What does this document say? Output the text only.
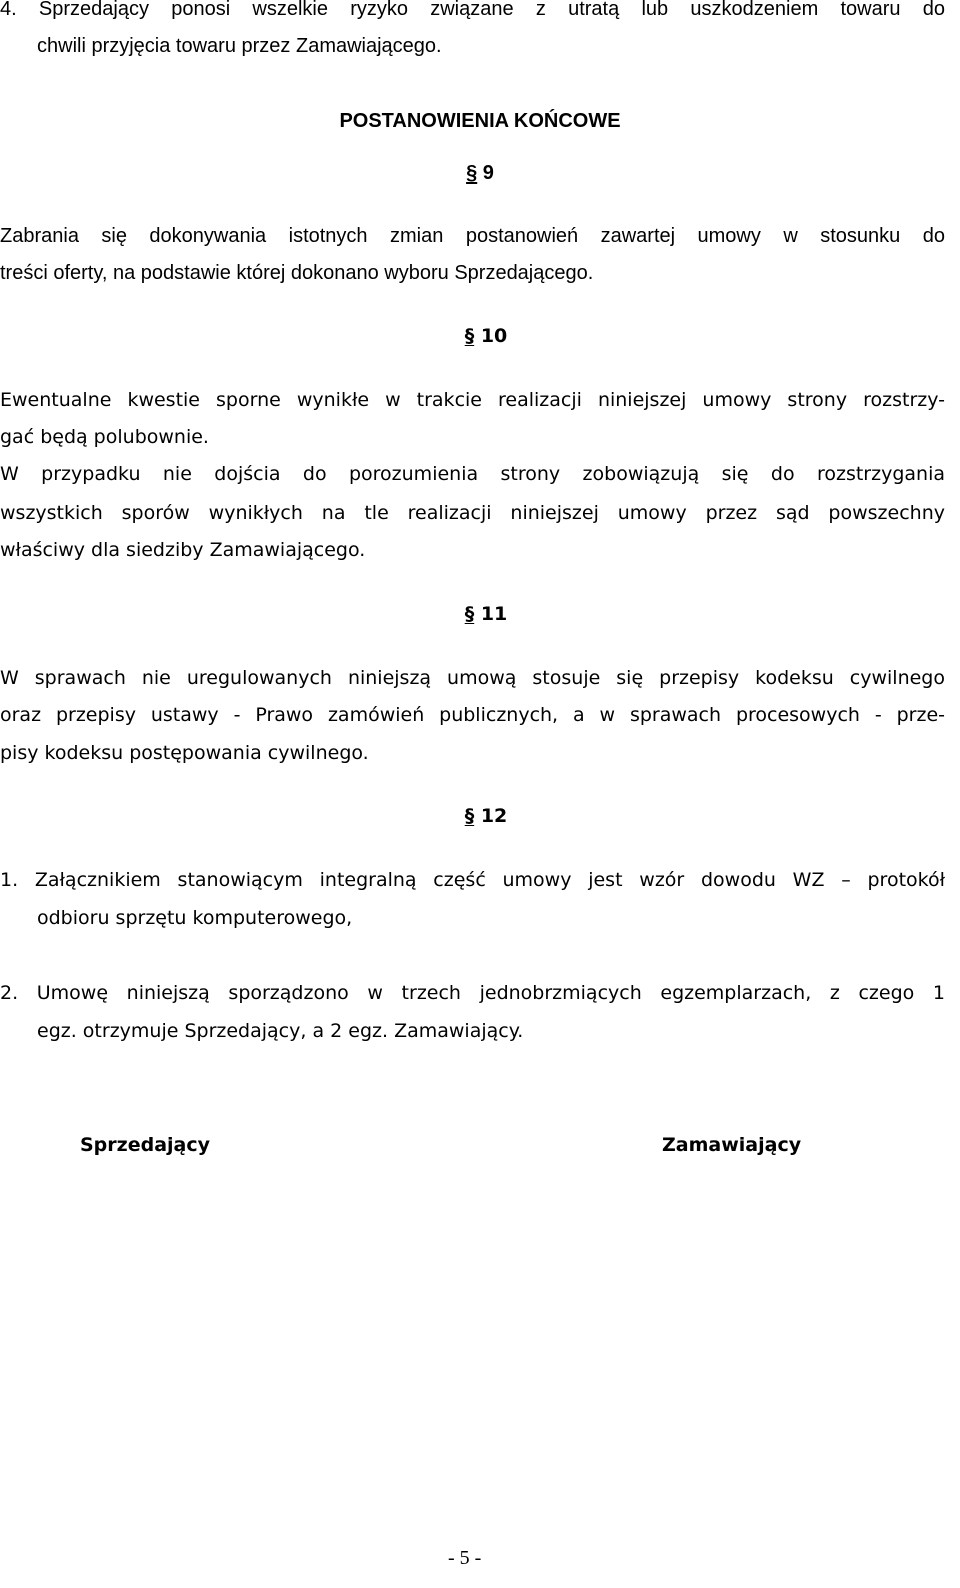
4. Sprzedający ponosi wszelkie ryzyko związane z utratą lub uszkodzeniem towaru do
chwili przyjęcia towaru przez Zamawiającego.
POSTANOWIENIA KOŃCOWE
§ 9
Zabrania się dokonywania istotnych zmian postanowień zawartej umowy w stosunku do
treści oferty, na podstawie której dokonano wyboru Sprzedającego.
§ 10
Ewentualne kwestie sporne wynikłe w trakcie realizacji niniejszej umowy strony rozstrzy-
gać będą polubownie.
W przypadku nie dojścia do porozumienia strony zobowiązują się do rozstrzygania
wszystkich sporów wynikłych na tle realizacji niniejszej umowy przez sąd powszechny
właściwy dla siedziby Zamawiającego.
§ 11
W sprawach nie uregulowanych niniejszą umową stosuje się przepisy kodeksu cywilnego
oraz przepisy ustawy - Prawo zamówień publicznych, a w sprawach procesowych - prze-
pisy kodeksu postępowania cywilnego.
§ 12
1. Załącznikiem stanowiącym integralną część umowy jest wzór dowodu WZ – protokół
odbioru sprzętu komputerowego,
2. Umowę niniejszą sporządzono w trzech jednobrzmiących egzemplarzach, z czego 1
egz. otrzymuje Sprzedający, a 2 egz. Zamawiający.
Sprzedający	Zamawiający
- 5 -
